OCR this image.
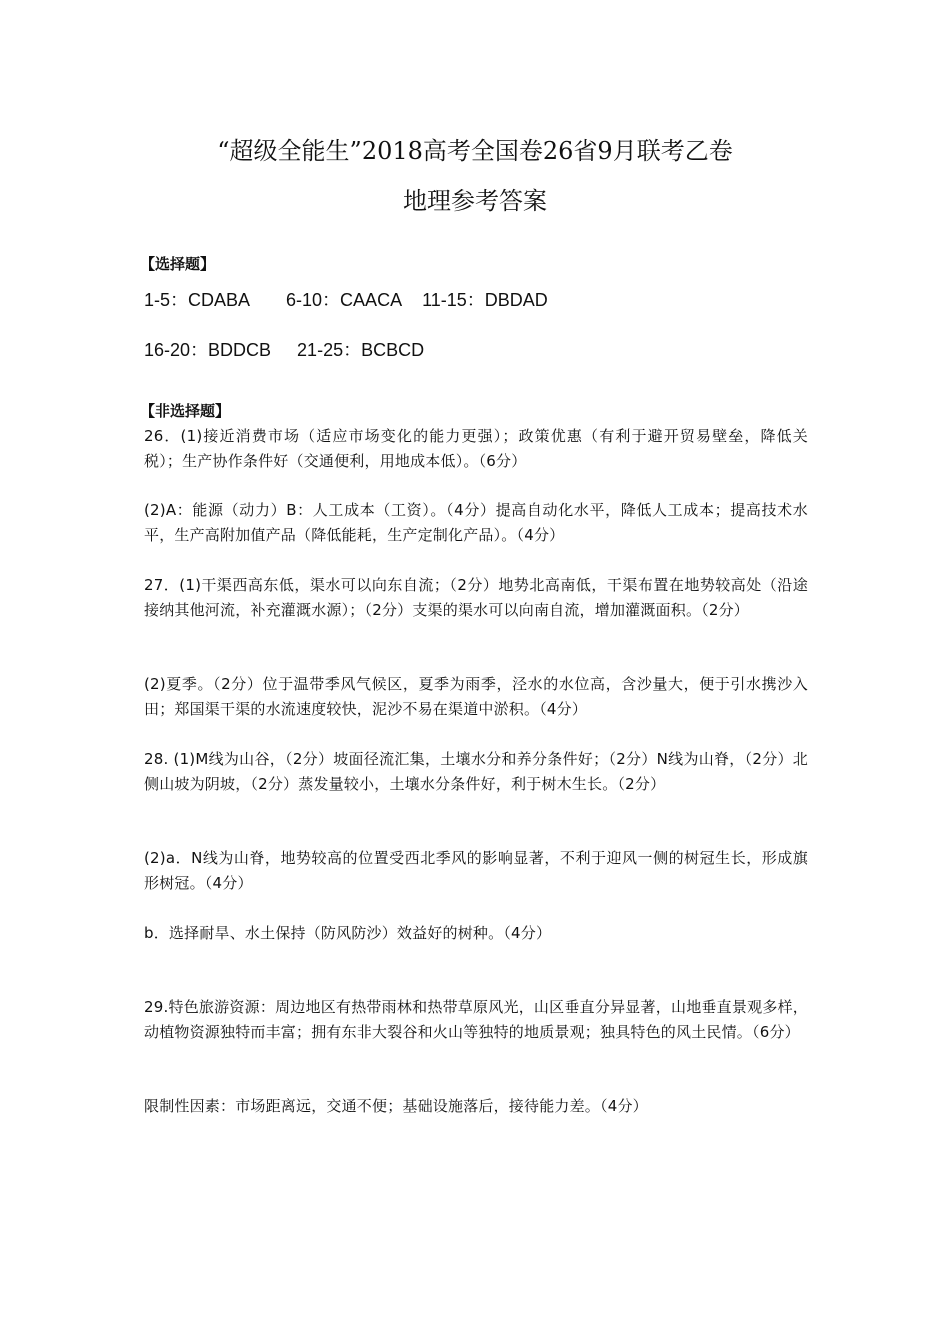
“超级全能生”2018高考全国卷26省9月联考乙卷
地理参考答案
【选择题】
1-5：CDABA 6-10：CAACA 11-15：DBDAD
16-20：BDDCB 21-25：BCBCD
【非选择题】
26．(1)接近消费市场（适应市场变化的能力更强）；政策优惠（有利于避开贸易壁垒，降低关税）；生产协作条件好（交通便利，用地成本低）。（6分）
(2)A：能源（动力）B：人工成本（工资）。（4分）提高自动化水平，降低人工成本；提高技术水平，生产高附加值产品（降低能耗，生产定制化产品）。（4分）
27．(1)干渠西高东低，渠水可以向东自流；（2分）地势北高南低，干渠布置在地势较高处（沿途接纳其他河流，补充灌溉水源）；（2分）支渠的渠水可以向南自流，增加灌溉面积。（2分）
(2)夏季。（2分）位于温带季风气候区，夏季为雨季，泾水的水位高，含沙量大，便于引水携沙入田；郑国渠干渠的水流速度较快，泥沙不易在渠道中淤积。（4分）
28. (1)M线为山谷，（2分）坡面径流汇集，土壤水分和养分条件好；（2分）N线为山脊，（2分）北侧山坡为阴坡，（2分）蒸发量较小，土壤水分条件好，利于树木生长。（2分）
(2)a．N线为山脊，地势较高的位置受西北季风的影响显著，不利于迎风一侧的树冠生长，形成旗形树冠。（4分）
b．选择耐旱、水土保持（防风防沙）效益好的树种。（4分）
29.特色旅游资源：周边地区有热带雨林和热带草原风光，山区垂直分异显著，山地垂直景观多样，动植物资源独特而丰富；拥有东非大裂谷和火山等独特的地质景观；独具特色的风土民情。（6分）
限制性因素：市场距离远，交通不便；基础设施落后，接待能力差。（4分）
